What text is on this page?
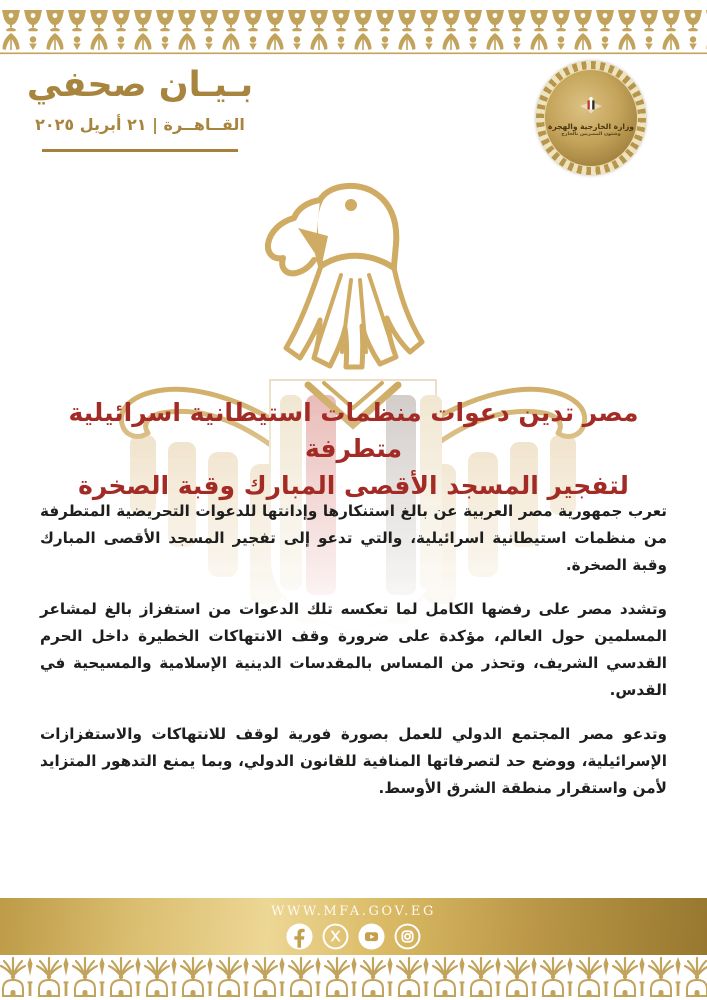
بـيـان صحفي
القــاهــرة | ٢١ أبريل ٢٠٢٥	وزارة الخارجية والهجرة
وشئون المصريين بالخارج
مصر تدين دعوات منظمات استيطانية اسرائيلية متطرفة
لتفجير المسجد الأقصى المبارك وقبة الصخرة

تعرب جمهورية مصر العربية عن بالغ استنكارها وإدانتها للدعوات التحريضية المتطرفة من منظمات استيطانية اسرائيلية، والتي تدعو إلى تفجير المسجد الأقصى المبارك وقبة الصخرة.

وتشدد مصر على رفضها الكامل لما تعكسه تلك الدعوات من استفزاز بالغ لمشاعر المسلمين حول العالم، مؤكدة على ضرورة وقف الانتهاكات الخطيرة داخل الحرم القدسي الشريف، وتحذر من المساس بالمقدسات الدينية الإسلامية والمسيحية في القدس.

وتدعو مصر المجتمع الدولي للعمل بصورة فورية لوقف للانتهاكات والاستفزازات الإسرائيلية، ووضع حد لتصرفاتها المنافية للقانون الدولي، وبما يمنع التدهور المتزايد لأمن واستقرار منطقة الشرق الأوسط.

WWW.MFA.GOV.EG
